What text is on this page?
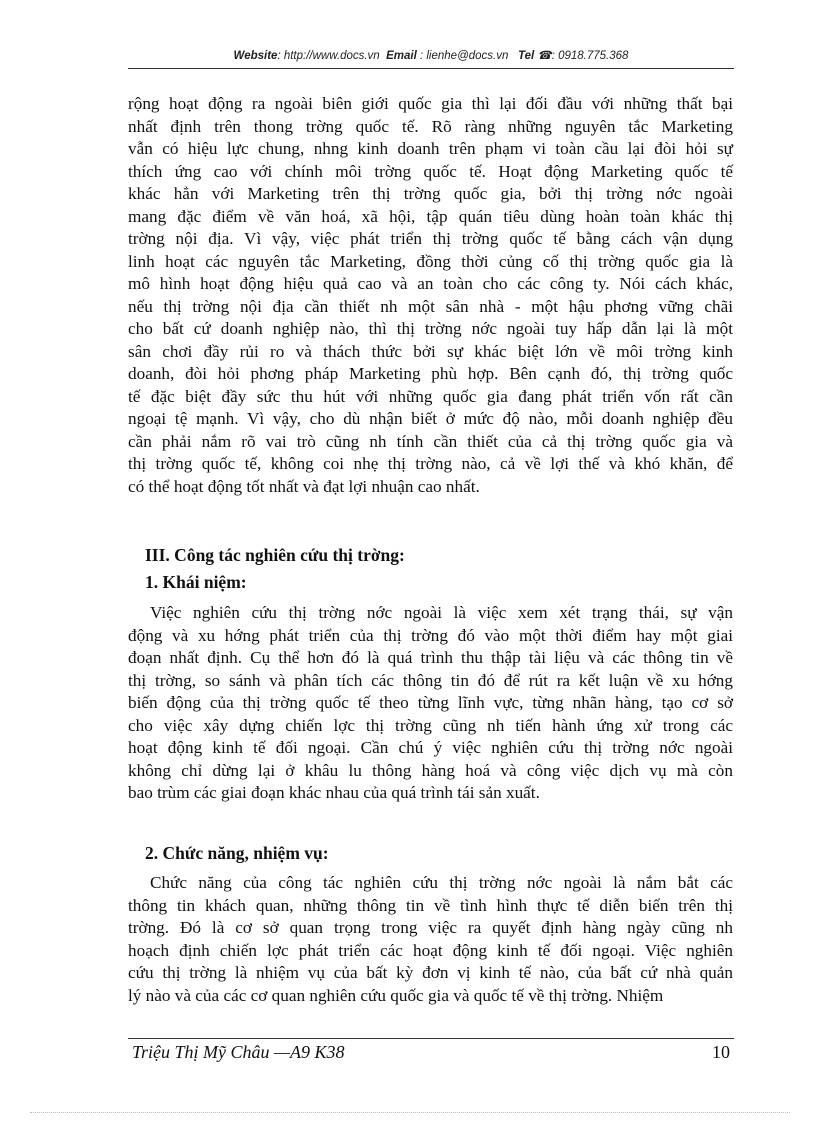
Website: http://www.docs.vn Email : lienhe@docs.vn Tel ☎: 0918.775.368
rộng hoạt động ra ngoài biên giới quốc gia thì lại đối đầu với những thất bại
nhất định trên thong trờng quốc tế. Rõ ràng những nguyên tắc Marketing
vẫn có hiệu lực chung, nhng kinh doanh trên phạm vi toàn cầu lại đòi hỏi sự
thích ứng cao với chính môi trờng quốc tế. Hoạt động Marketing quốc tế
khác hẳn với Marketing trên thị trờng quốc gia, bởi thị trờng nớc ngoài
mang đặc điểm về văn hoá, xã hội, tập quán tiêu dùng hoàn toàn khác thị
trờng nội địa. Vì vậy, việc phát triển thị trờng quốc tế bằng cách vận dụng
linh hoạt các nguyên tắc Marketing, đồng thời củng cố thị trờng quốc gia là
mô hình hoạt động hiệu quả cao và an toàn cho các công ty. Nói cách khác,
nếu thị trờng nội địa cần thiết nh một sân nhà - một hậu phơng vững chãi
cho bất cứ doanh nghiệp nào, thì thị trờng nớc ngoài tuy hấp dẫn lại là một
sân chơi đầy rủi ro và thách thức bởi sự khác biệt lớn về môi trờng kinh
doanh, đòi hỏi phơng pháp Marketing phù hợp. Bên cạnh đó, thị trờng quốc
tế đặc biệt đầy sức thu hút với những quốc gia đang phát triển vốn rất cần
ngoại tệ mạnh. Vì vậy, cho dù nhận biết ở mức độ nào, mỗi doanh nghiệp đều
cần phải nắm rõ vai trò cũng nh tính cần thiết của cả thị trờng quốc gia và
thị trờng quốc tế, không coi nhẹ thị trờng nào, cả về lợi thế và khó khăn, để
có thể hoạt động tốt nhất và đạt lợi nhuận cao nhất.
III. Công tác nghiên cứu thị trờng:
1. Khái niệm:
Việc nghiên cứu thị trờng nớc ngoài là việc xem xét trạng thái, sự vận
động và xu hớng phát triển của thị trờng đó vào một thời điểm hay một giai
đoạn nhất định. Cụ thể hơn đó là quá trình thu thập tài liệu và các thông tin về
thị trờng, so sánh và phân tích các thông tin đó để rút ra kết luận về xu hớng
biến động của thị trờng quốc tế theo từng lĩnh vực, từng nhãn hàng, tạo cơ sở
cho việc xây dựng chiến lợc thị trờng cũng nh tiến hành ứng xử trong các
hoạt động kinh tế đối ngoại. Cần chú ý việc nghiên cứu thị trờng nớc ngoài
không chỉ dừng lại ở khâu lu thông hàng hoá và công việc dịch vụ mà còn
bao trùm các giai đoạn khác nhau của quá trình tái sản xuất.
2. Chức năng, nhiệm vụ:
Chức năng của công tác nghiên cứu thị trờng nớc ngoài là nắm bắt các
thông tin khách quan, những thông tin về tình hình thực tế diễn biến trên thị
trờng. Đó là cơ sở quan trọng trong việc ra quyết định hàng ngày cũng nh
hoạch định chiến lợc phát triển các hoạt động kinh tế đối ngoại. Việc nghiên
cứu thị trờng là nhiệm vụ của bất kỳ đơn vị kinh tế nào, của bất cứ nhà quản
lý nào và của các cơ quan nghiên cứu quốc gia và quốc tế về thị trờng. Nhiệm
Triệu Thị Mỹ Châu —A9 K38	10
